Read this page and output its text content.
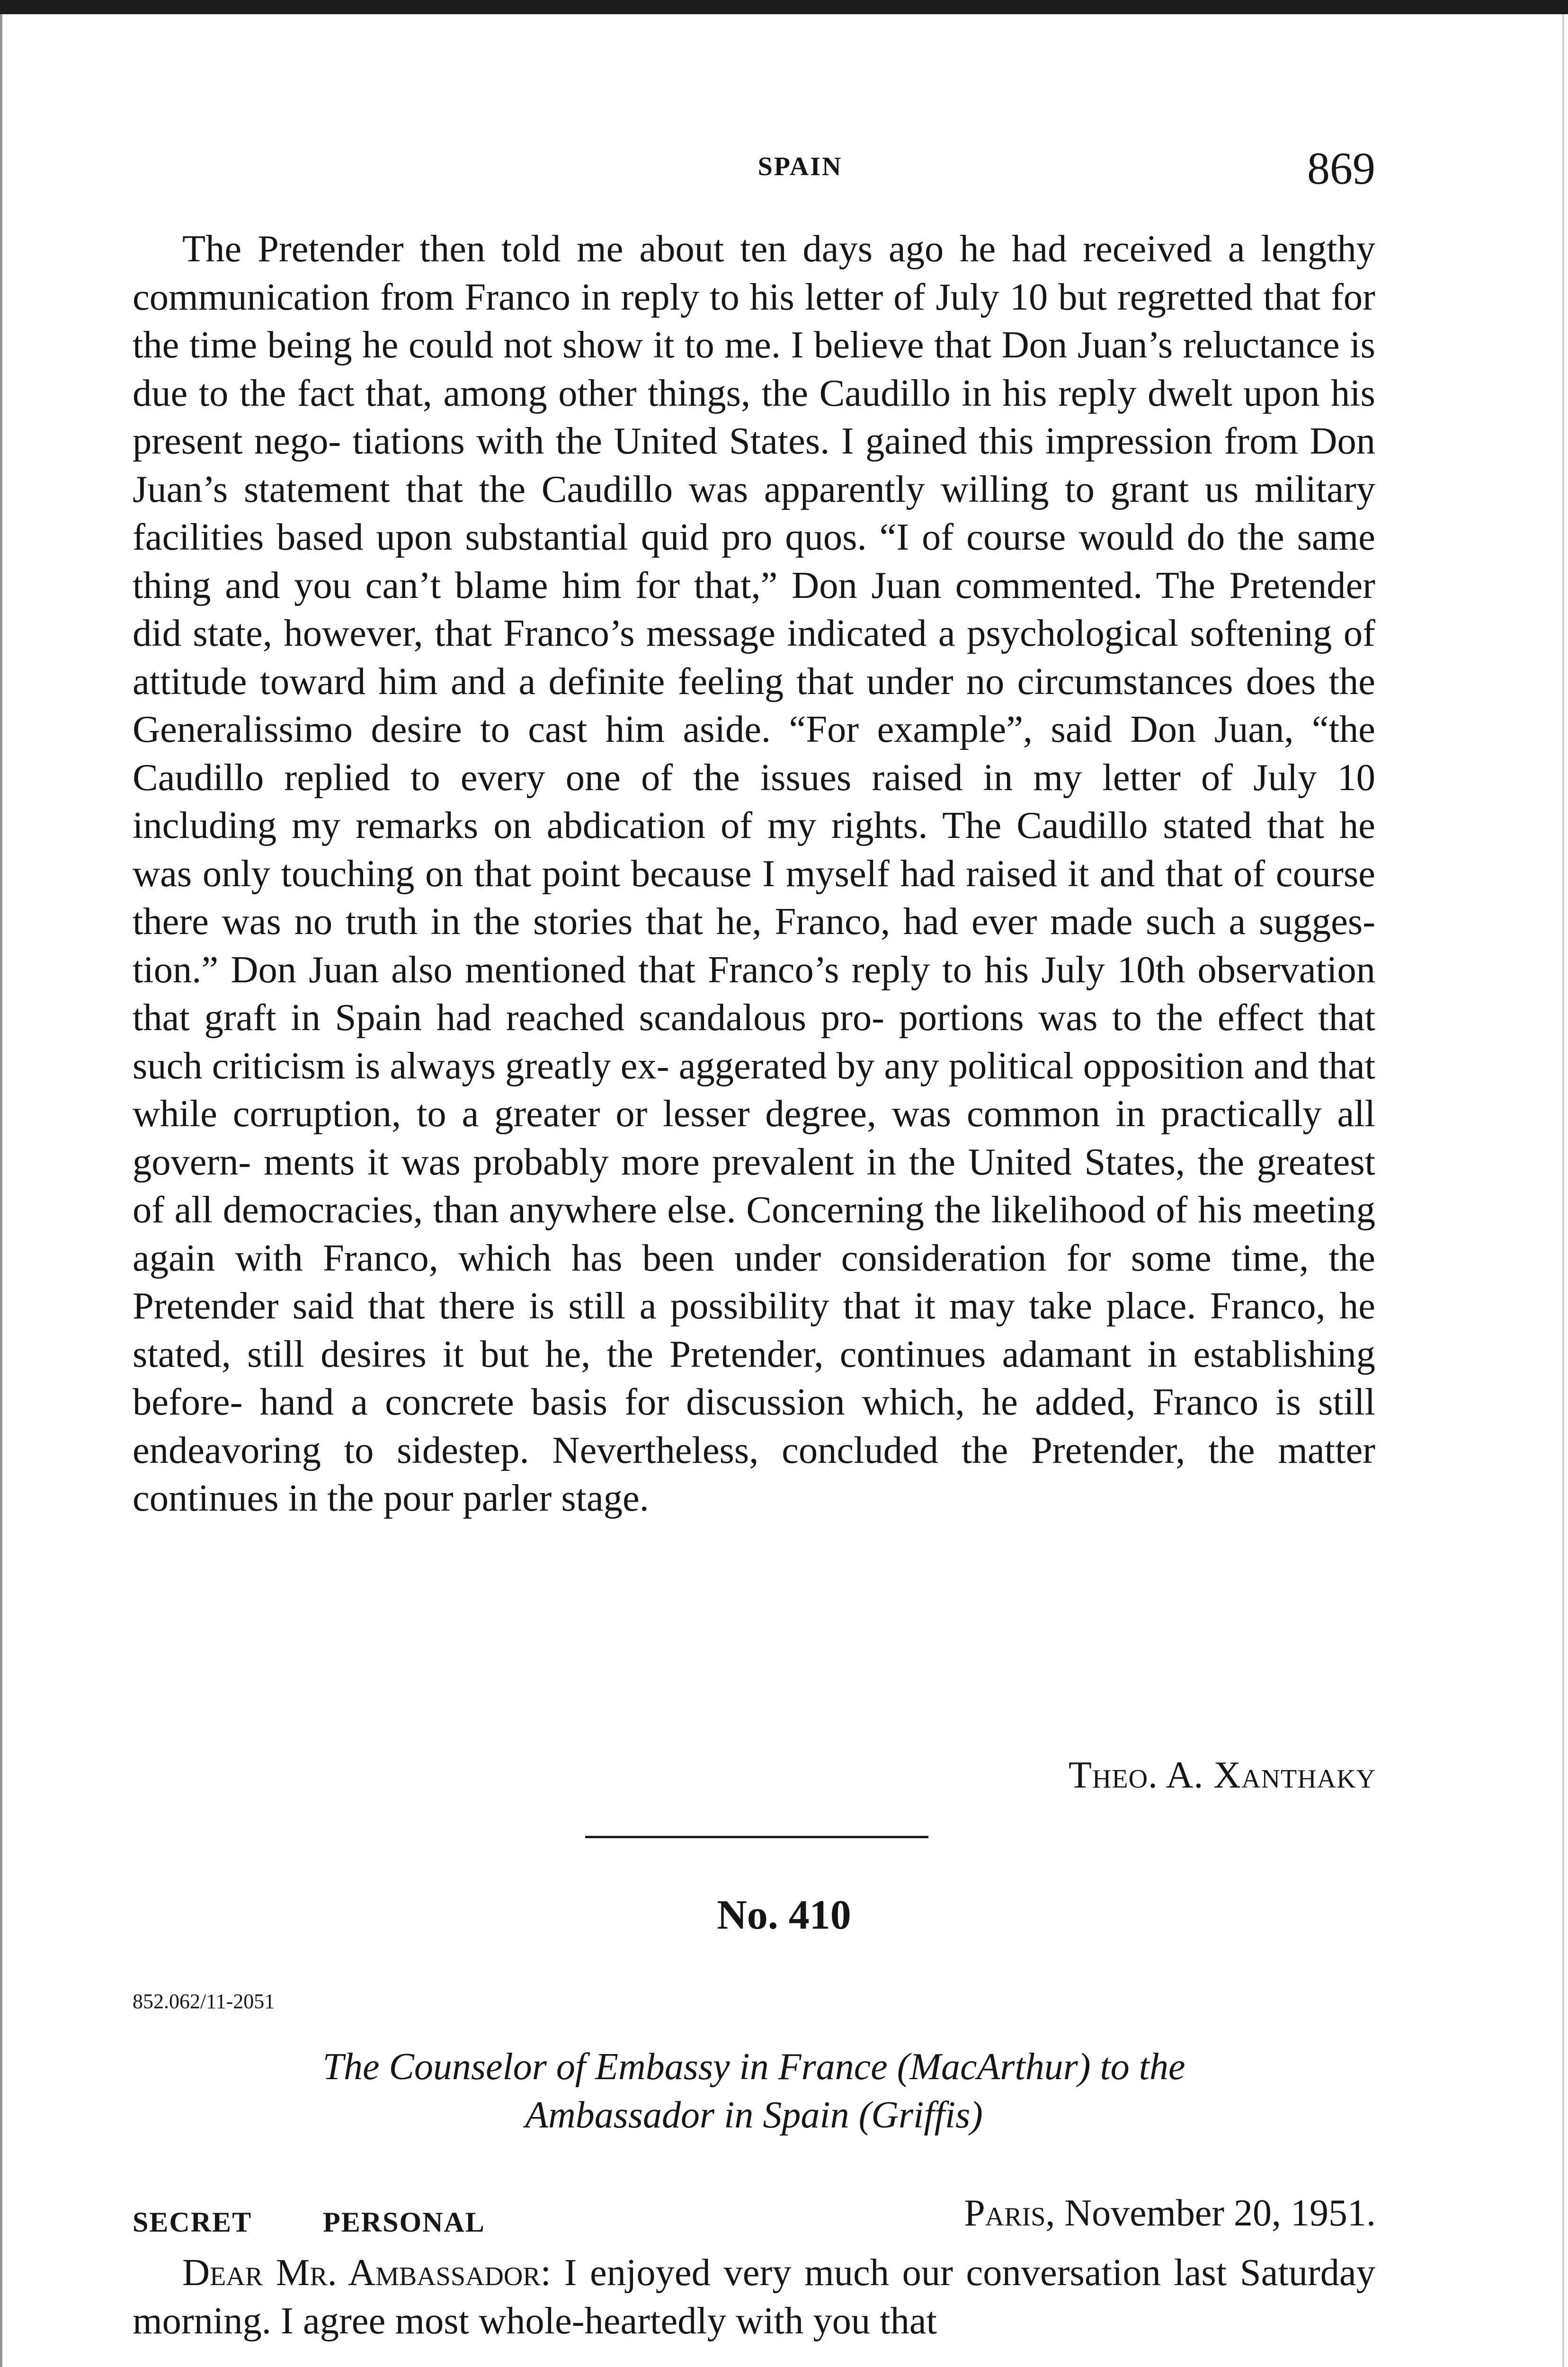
SPAIN	869

The Pretender then told me about ten days ago he had received a lengthy communication from Franco in reply to his letter of July 10 but regretted that for the time being he could not show it to me. I believe that Don Juan’s reluctance is due to the fact that, among other things, the Caudillo in his reply dwelt upon his present nego- tiations with the United States. I gained this impression from Don Juan’s statement that the Caudillo was apparently willing to grant us military facilities based upon substantial quid pro quos. “I of course would do the same thing and you can’t blame him for that,” Don Juan commented. The Pretender did state, however, that Franco’s message indicated a psychological softening of attitude toward him and a definite feeling that under no circumstances does the Generalissimo desire to cast him aside. “For example”, said Don Juan, “the Caudillo replied to every one of the issues raised in my letter of July 10 including my remarks on abdication of my rights. The Caudillo stated that he was only touching on that point because I myself had raised it and that of course there was no truth in the stories that he, Franco, had ever made such a sugges- tion.” Don Juan also mentioned that Franco’s reply to his July 10th observation that graft in Spain had reached scandalous pro- portions was to the effect that such criticism is always greatly ex- aggerated by any political opposition and that while corruption, to a greater or lesser degree, was common in practically all govern- ments it was probably more prevalent in the United States, the greatest of all democracies, than anywhere else. Concerning the likelihood of his meeting again with Franco, which has been under consideration for some time, the Pretender said that there is still a possibility that it may take place. Franco, he stated, still desires it but he, the Pretender, continues adamant in establishing before- hand a concrete basis for discussion which, he added, Franco is still endeavoring to sidestep. Nevertheless, concluded the Pretender, the matter continues in the pour parler stage.

Theo. A. Xanthaky
No. 410
852.062/11-2051
The Counselor of Embassy in France (MacArthur) to the
Ambassador in Spain (Griffis)
SECRET	PERSONAL	Paris, November 20, 1951.

Dear Mr. Ambassador: I enjoyed very much our conversation last Saturday morning. I agree most whole-heartedly with you that
